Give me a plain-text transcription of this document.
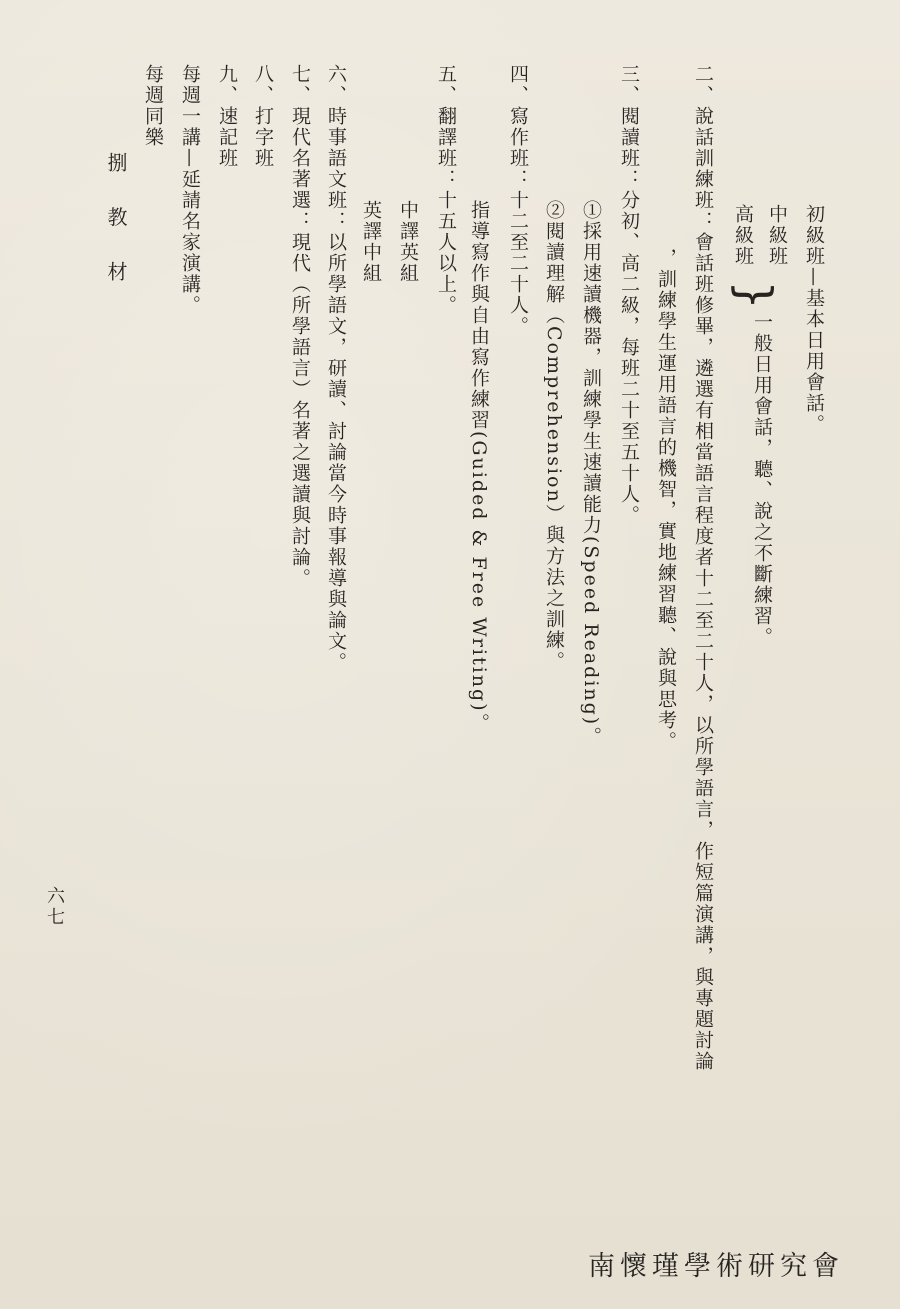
二、說話訓練班：會話班修畢，遴選有相當語言程度者十二至二十人，以所學語言，作短篇演講，與專題討論
，訓練學生運用語言的機智，實地練習聽、說與思考。	初級班—基本日用會話。
中級班
高級班
}
一般日用會話，聽、說之不斷練習。
三、閱讀班：分初、高二級，每班二十至五十人。
①採用速讀機器，訓練學生速讀能力(Speed Reading)。
②閱讀理解（Comprehension）與方法之訓練。
四、寫作班：十二至二十人。
指導寫作與自由寫作練習(Guided & Free Writing)。
五、翻譯班：十五人以上。
中譯英組
英譯中組
六、時事語文班：以所學語文，研讀、討論當今時事報導與論文。
七、現代名著選：現代（所學語言）名著之選讀與討論。
八、打字班
九、速記班
每週一講—延請名家演講。
每週同樂
捌 教 材
六七
南懷瑾學術研究會
